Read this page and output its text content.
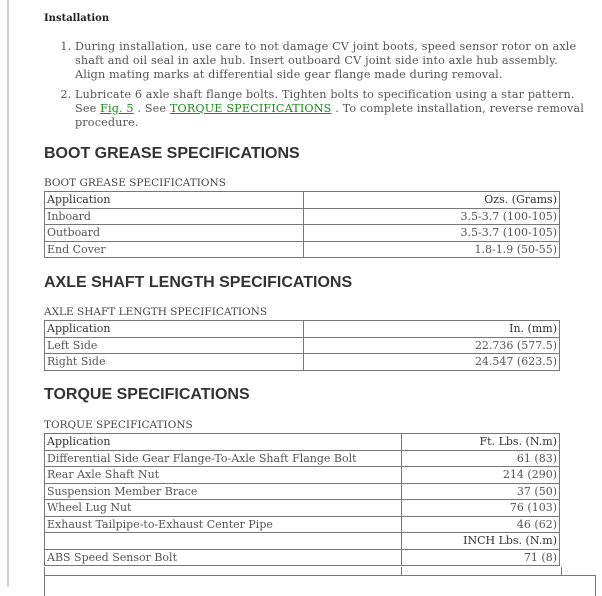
Installation
1. During installation, use care to not damage CV joint boots, speed sensor rotor on axle shaft and oil seal in axle hub. Insert outboard CV joint side into axle hub assembly. Align mating marks at differential side gear flange made during removal.
2. Lubricate 6 axle shaft flange bolts. Tighten bolts to specification using a star pattern. See Fig. 5 . See TORQUE SPECIFICATIONS . To complete installation, reverse removal procedure.
BOOT GREASE SPECIFICATIONS
BOOT GREASE SPECIFICATIONS
Application	Ozs. (Grams)
Inboard	3.5-3.7 (100-105)
Outboard	3.5-3.7 (100-105)
End Cover	1.8-1.9 (50-55)
AXLE SHAFT LENGTH SPECIFICATIONS
AXLE SHAFT LENGTH SPECIFICATIONS
Application	In. (mm)
Left Side	22.736 (577.5)
Right Side	24.547 (623.5)
TORQUE SPECIFICATIONS
TORQUE SPECIFICATIONS
Application	Ft. Lbs. (N.m)
Differential Side Gear Flange-To-Axle Shaft Flange Bolt	61 (83)
Rear Axle Shaft Nut	214 (290)
Suspension Member Brace	37 (50)
Wheel Lug Nut	76 (103)
Exhaust Tailpipe-to-Exhaust Center Pipe	46 (62)
	INCH Lbs. (N.m)
ABS Speed Sensor Bolt	71 (8)
